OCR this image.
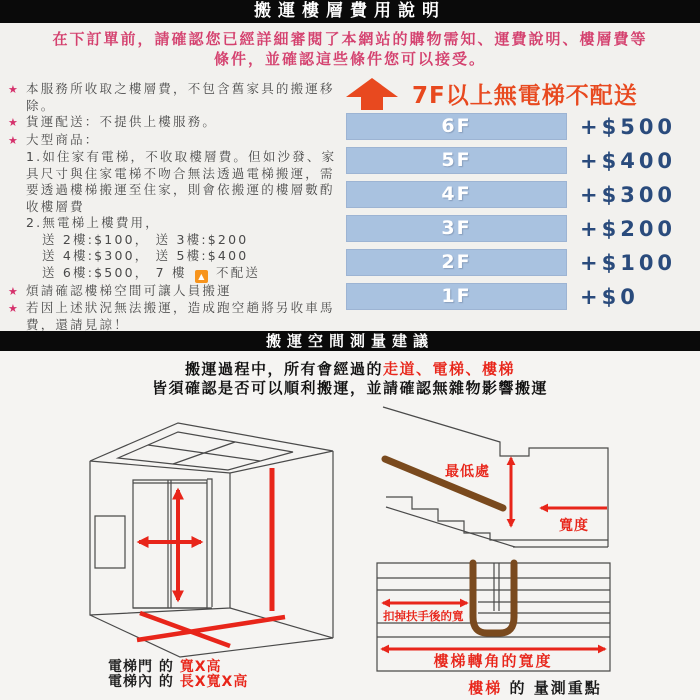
搬運樓層費用說明
在下訂單前，請確認您已經詳細審閱了本網站的購物需知、運費說明、樓層費等
條件，並確認這些條件您可以接受。
★ 本服務所收取之樓層費，不包含舊家具的搬運移除。
★ 貨運配送：不提供上樓服務。
★ 大型商品：
1.如住家有電梯，不收取樓層費。但如沙發、家具尺寸與住家電梯不吻合無法透過電梯搬運，需要透過樓梯搬運至住家，則會依搬運的樓層數酌收樓層費
2.無電梯上樓費用，
送 2樓:$100， 送 3樓:$200
送 4樓:$300， 送 5樓:$400
送 6樓:$500， 7 樓 ▲ 不配送
★ 煩請確認樓梯空間可讓人員搬運
★ 若因上述狀況無法搬運，造成跑空趟將另收車馬費，還請見諒！
7F以上無電梯不配送
6F	+$500
5F	+$400
4F	+$300
3F	+$200
2F	+$100
1F	+$0
搬運空間測量建議
搬運過程中，所有會經過的走道、電梯、樓梯
皆須確認是否可以順利搬運，並請確認無雜物影響搬運
最低處
寬度
扣掉扶手後的寬
樓梯轉角的寬度
電梯門 的 寬X高
電梯內 的 長X寬X高	樓梯 的 量測重點
